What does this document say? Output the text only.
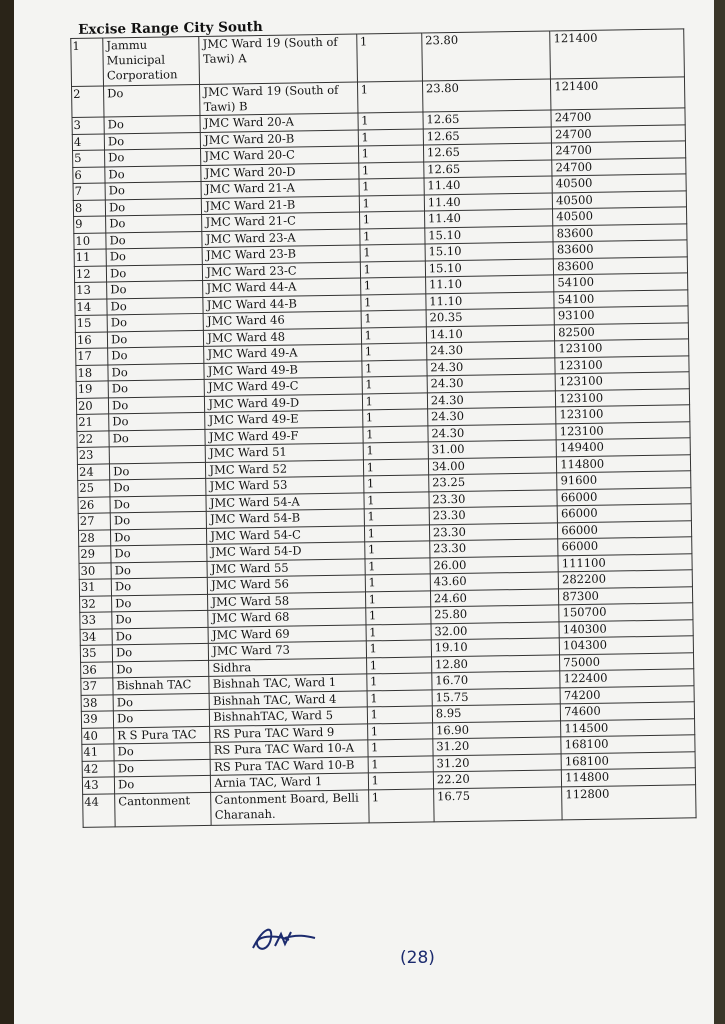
Excise Range City South
1	Jammu Municipal Corporation	JMC Ward 19 (South of Tawi) A	1	23.80	121400
2	Do	JMC Ward 19 (South of Tawi) B	1	23.80	121400
3	Do	JMC Ward 20-A	1	12.65	24700
4	Do	JMC Ward 20-B	1	12.65	24700
5	Do	JMC Ward 20-C	1	12.65	24700
6	Do	JMC Ward 20-D	1	12.65	24700
7	Do	JMC Ward 21-A	1	11.40	40500
8	Do	JMC Ward 21-B	1	11.40	40500
9	Do	JMC Ward 21-C	1	11.40	40500
10	Do	JMC Ward 23-A	1	15.10	83600
11	Do	JMC Ward 23-B	1	15.10	83600
12	Do	JMC Ward 23-C	1	15.10	83600
13	Do	JMC Ward 44-A	1	11.10	54100
14	Do	JMC Ward 44-B	1	11.10	54100
15	Do	JMC Ward 46	1	20.35	93100
16	Do	JMC Ward 48	1	14.10	82500
17	Do	JMC Ward 49-A	1	24.30	123100
18	Do	JMC Ward 49-B	1	24.30	123100
19	Do	JMC Ward 49-C	1	24.30	123100
20	Do	JMC Ward 49-D	1	24.30	123100
21	Do	JMC Ward 49-E	1	24.30	123100
22	Do	JMC Ward 49-F	1	24.30	123100
23		JMC Ward 51	1	31.00	149400
24	Do	JMC Ward 52	1	34.00	114800
25	Do	JMC Ward 53	1	23.25	91600
26	Do	JMC Ward 54-A	1	23.30	66000
27	Do	JMC Ward 54-B	1	23.30	66000
28	Do	JMC Ward 54-C	1	23.30	66000
29	Do	JMC Ward 54-D	1	23.30	66000
30	Do	JMC Ward 55	1	26.00	111100
31	Do	JMC Ward 56	1	43.60	282200
32	Do	JMC Ward 58	1	24.60	87300
33	Do	JMC Ward 68	1	25.80	150700
34	Do	JMC Ward 69	1	32.00	140300
35	Do	JMC Ward 73	1	19.10	104300
36	Do	Sidhra	1	12.80	75000
37	Bishnah TAC	Bishnah TAC, Ward 1	1	16.70	122400
38	Do	Bishnah TAC, Ward 4	1	15.75	74200
39	Do	BishnahTAC, Ward 5	1	8.95	74600
40	R S Pura TAC	RS Pura TAC Ward 9	1	16.90	114500
41	Do	RS Pura TAC Ward 10-A	1	31.20	168100
42	Do	RS Pura TAC Ward 10-B	1	31.20	168100
43	Do	Arnia TAC, Ward 1	1	22.20	114800
44	Cantonment	Cantonment Board, Belli Charanah.	1	16.75	112800
(28)
